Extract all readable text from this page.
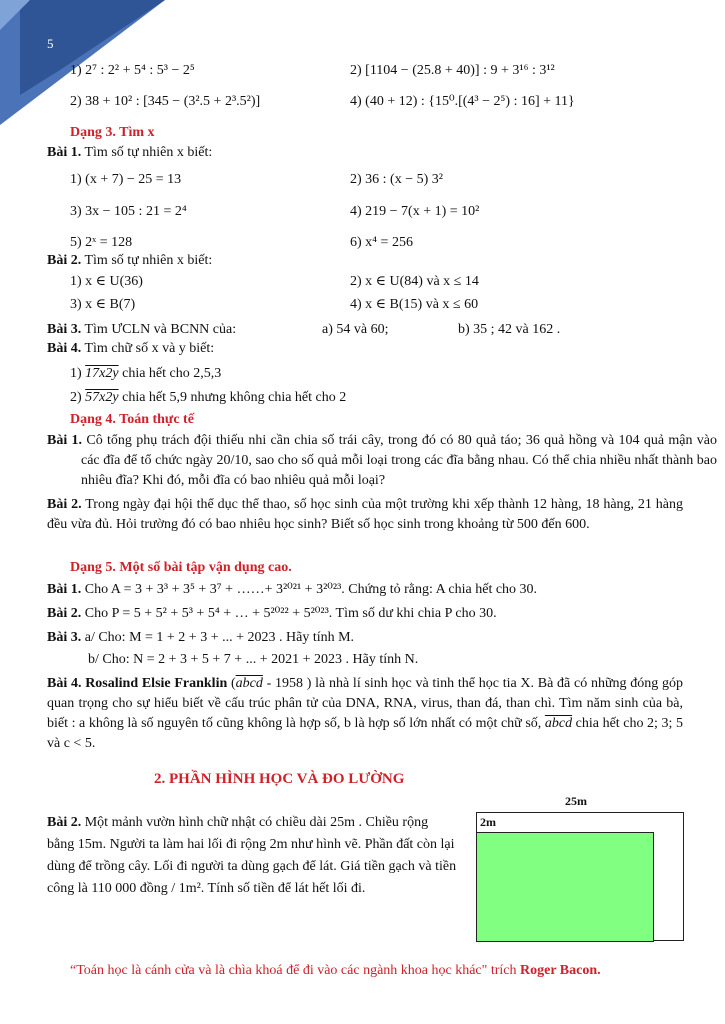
5
1) 2⁷ : 2² + 5⁴ : 5³ − 2⁵	2) [1104 − (25.8 + 40)] : 9 + 3¹⁶ : 3¹²
2) 38 + 10² : [345 − (3².5 + 2³.5²)]	4) (40 + 12) : {15⁰.[(4³ − 2⁵) : 16] + 11}
Dạng 3. Tìm x
Bài 1. Tìm số tự nhiên x biết:
1) (x + 7) − 25 = 13	2) 36 : (x − 5) 3²
3) 3x − 105 : 21 = 2⁴	4) 219 − 7(x + 1) = 10²
5) 2ˣ = 128	6) x⁴ = 256
Bài 2. Tìm số tự nhiên x biết:
1) x ∈ U(36)	2) x ∈ U(84) và x ≤ 14
3) x ∈ B(7)	4) x ∈ B(15) và x ≤ 60
Bài 3. Tìm ƯCLN và BCNN của:	a) 54 và 60;	b) 35 ; 42 và 162 .
Bài 4. Tìm chữ số x và y biết:
1) 17x2y chia hết cho 2,5,3
2) 57x2y chia hết 5,9 nhưng không chia hết cho 2
Dạng 4. Toán thực tế
Bài 1. Cô tổng phụ trách đội thiếu nhi cần chia số trái cây, trong đó có 80 quả táo; 36 quả hồng và 104 quả mận vào các đĩa để tổ chức ngày 20/10, sao cho số quả mỗi loại trong các đĩa bằng nhau. Có thể chia nhiều nhất thành bao nhiêu đĩa? Khi đó, mỗi đĩa có bao nhiêu quả mỗi loại?
Bài 2. Trong ngày đại hội thể dục thể thao, số học sinh của một trường khi xếp thành 12 hàng, 18 hàng, 21 hàng đều vừa đủ. Hỏi trường đó có bao nhiêu học sinh? Biết số học sinh trong khoảng từ 500 đến 600.
Dạng 5. Một số bài tập vận dụng cao.
Bài 1. Cho A = 3 + 3³ + 3⁵ + 3⁷ + ……+ 3²⁰²¹ + 3²⁰²³. Chứng tỏ rằng: A chia hết cho 30.
Bài 2. Cho P = 5 + 5² + 5³ + 5⁴ + … + 5²⁰²² + 5²⁰²³. Tìm số dư khi chia P cho 30.
Bài 3. a/ Cho: M = 1 + 2 + 3 + ... + 2023 . Hãy tính M.
b/ Cho: N = 2 + 3 + 5 + 7 + ... + 2021 + 2023 . Hãy tính N.
Bài 4. Rosalind Elsie Franklin (abcd - 1958 ) là nhà lí sinh học và tinh thể học tia X. Bà đã có những đóng góp quan trọng cho sự hiểu biết về cấu trúc phân tử của DNA, RNA, virus, than đá, than chì. Tìm năm sinh của bà, biết : a không là số nguyên tố cũng không là hợp số, b là hợp số lớn nhất có một chữ số, abcd chia hết cho 2; 3; 5 và c < 5.
2. PHẦN HÌNH HỌC VÀ ĐO LƯỜNG
Bài 2. Một mảnh vườn hình chữ nhật có chiều dài 25m . Chiều rộng bằng 15m. Người ta làm hai lối đi rộng 2m như hình vẽ. Phần đất còn lại dùng để trồng cây. Lối đi người ta dùng gạch để lát. Giá tiền gạch và tiền công là 110 000 đồng / 1m². Tính số tiền để lát hết lối đi.
25m
2m
“Toán học là cánh cửa và là chìa khoá để đi vào các ngành khoa học khác" trích Roger Bacon.
